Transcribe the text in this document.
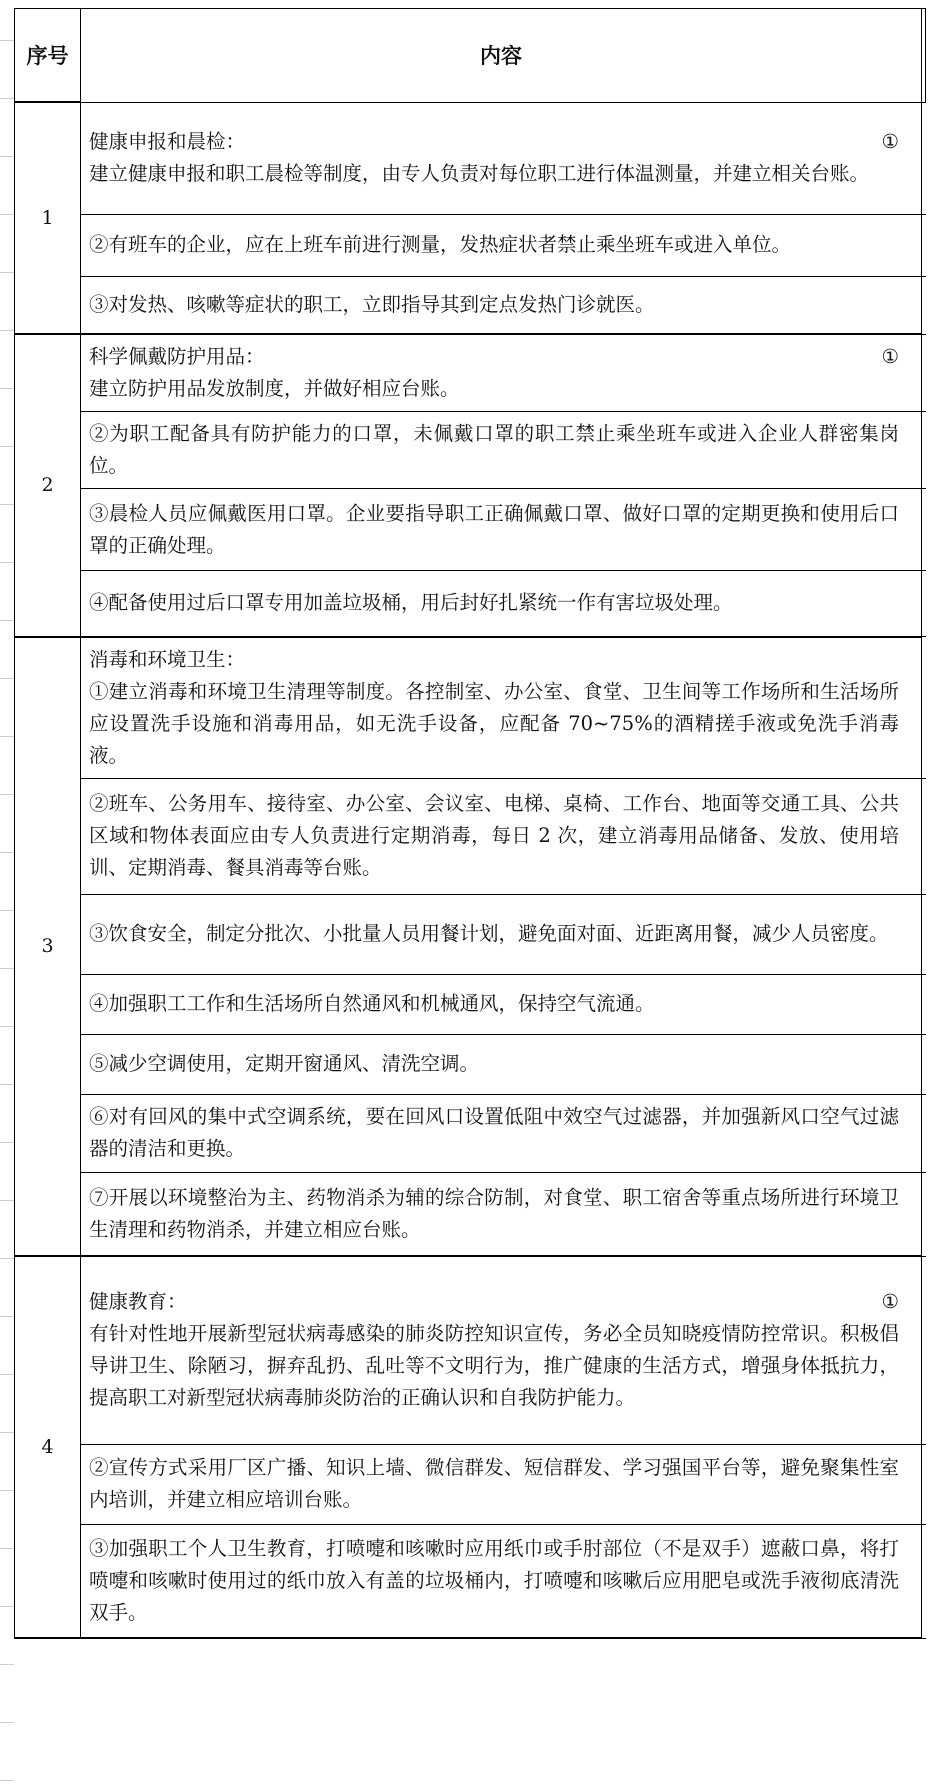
序号	内容	
1	健康申报和晨检： ①
建立健康申报和职工晨检等制度，由专人负责对每位职工进行体温测量，并建立相关台账。	

	②有班车的企业，应在上班车前进行测量，发热症状者禁止乘坐班车或进入单位。	

	③对发热、咳嗽等症状的职工，立即指导其到定点发热门诊就医。	

2	科学佩戴防护用品： ①
建立防护用品发放制度，并做好相应台账。	

	②为职工配备具有防护能力的口罩，未佩戴口罩的职工禁止乘坐班车或进入企业人群密集岗位。	

	③晨检人员应佩戴医用口罩。企业要指导职工正确佩戴口罩、做好口罩的定期更换和使用后口罩的正确处理。	

	④配备使用过后口罩专用加盖垃圾桶，用后封好扎紧统一作有害垃圾处理。	

3	消毒和环境卫生：
①建立消毒和环境卫生清理等制度。各控制室、办公室、食堂、卫生间等工作场所和生活场所应设置洗手设施和消毒用品，如无洗手设备，应配备 70~75%的酒精搓手液或免洗手消毒液。	

	②班车、公务用车、接待室、办公室、会议室、电梯、桌椅、工作台、地面等交通工具、公共区域和物体表面应由专人负责进行定期消毒，每日 2 次，建立消毒用品储备、发放、使用培训、定期消毒、餐具消毒等台账。	

	③饮食安全，制定分批次、小批量人员用餐计划，避免面对面、近距离用餐，减少人员密度。	

	④加强职工工作和生活场所自然通风和机械通风，保持空气流通。	

	⑤减少空调使用，定期开窗通风、清洗空调。	

	⑥对有回风的集中式空调系统，要在回风口设置低阻中效空气过滤器，并加强新风口空气过滤器的清洁和更换。	

	⑦开展以环境整治为主、药物消杀为辅的综合防制，对食堂、职工宿舍等重点场所进行环境卫生清理和药物消杀，并建立相应台账。	

4	健康教育： ①
有针对性地开展新型冠状病毒感染的肺炎防控知识宣传，务必全员知晓疫情防控常识。积极倡导讲卫生、除陋习，摒弃乱扔、乱吐等不文明行为，推广健康的生活方式，增强身体抵抗力，提高职工对新型冠状病毒肺炎防治的正确认识和自我防护能力。	

	②宣传方式采用厂区广播、知识上墙、微信群发、短信群发、学习强国平台等，避免聚集性室内培训，并建立相应培训台账。	

	③加强职工个人卫生教育，打喷嚏和咳嗽时应用纸巾或手肘部位（不是双手）遮蔽口鼻，将打喷嚏和咳嗽时使用过的纸巾放入有盖的垃圾桶内，打喷嚏和咳嗽后应用肥皂或洗手液彻底清洗双手。	
